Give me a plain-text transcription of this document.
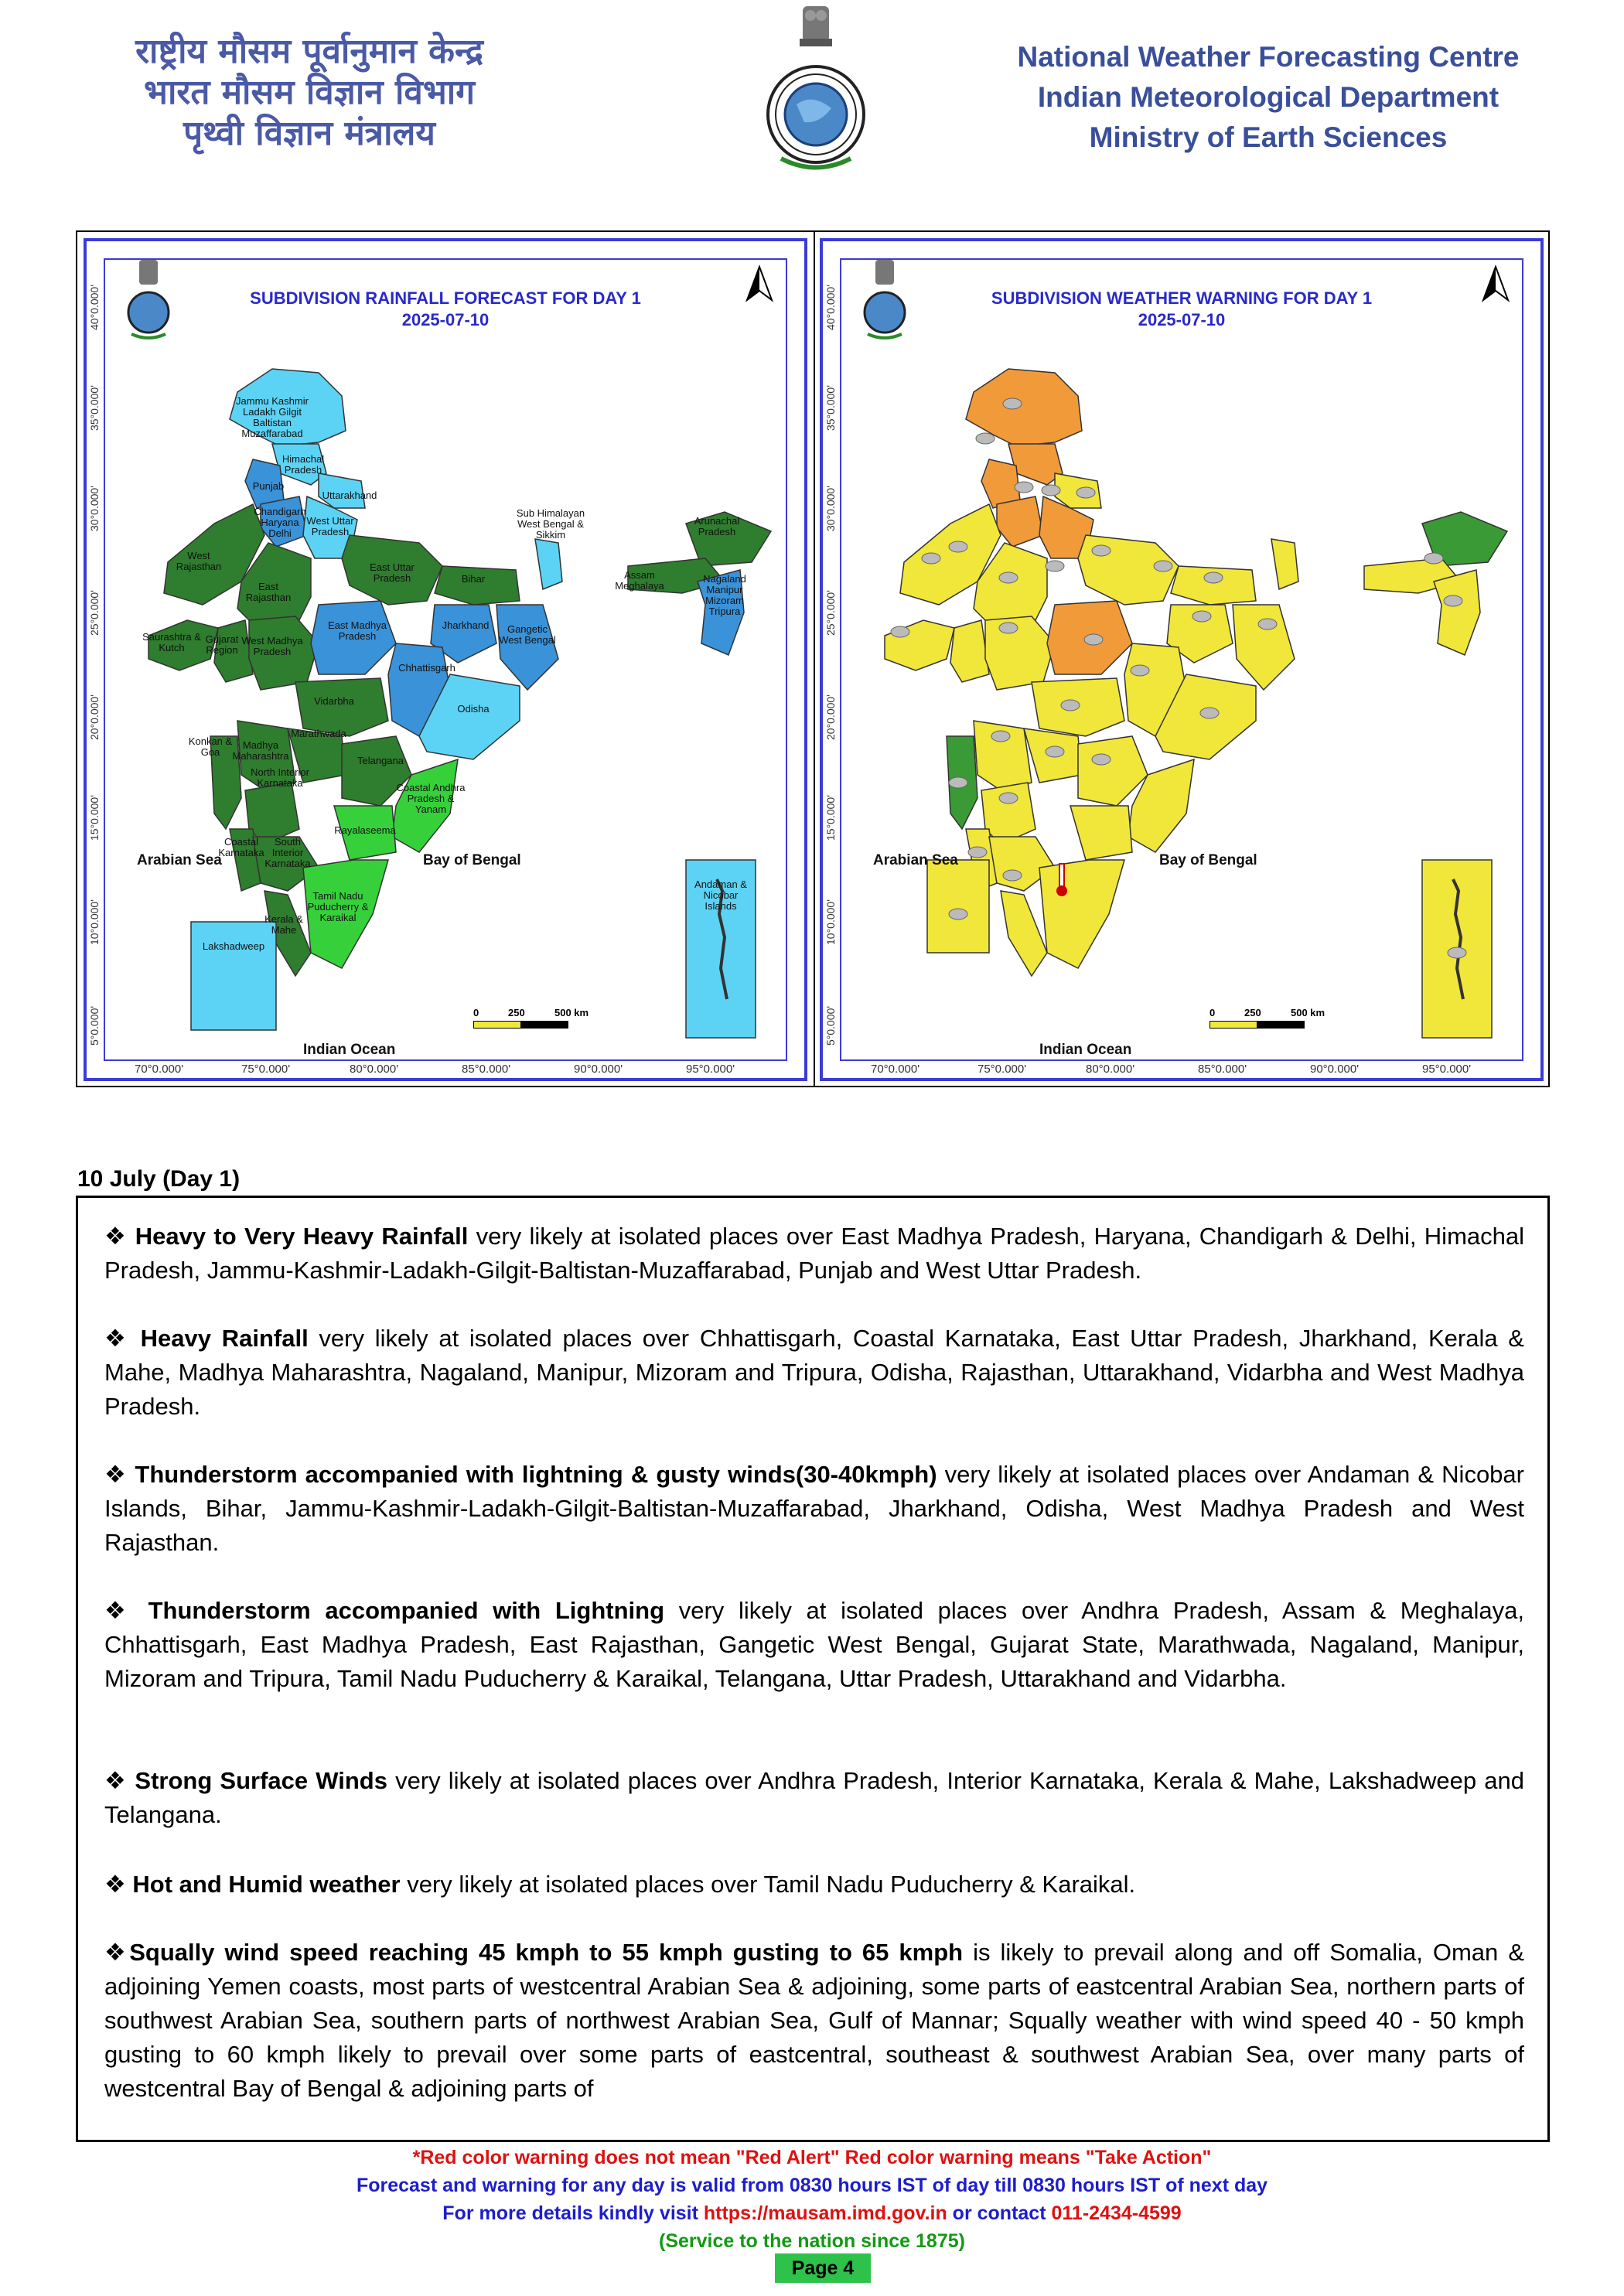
राष्ट्रीय मौसम पूर्वानुमान केन्द्र
भारत मौसम विज्ञान विभाग
पृथ्वी विज्ञान मंत्रालय
National Weather Forecasting Centre
Indian Meteorological Department
Ministry of Earth Sciences
SUBDIVISION RAINFALL FORECAST FOR DAY 1
2025-07-10
40°0.000'
35°0.000'
30°0.000'
25°0.000'
20°0.000'
15°0.000'
10°0.000'
5°0.000'
70°0.000'	75°0.000'	80°0.000'	85°0.000'	90°0.000'	95°0.000'
Jammu Kashmir Ladakh Gilgit Baltistan Muzaffarabad
Himachal Pradesh
Punjab
Uttarakhand
Chandigarh Haryana Delhi
West Uttar Pradesh
West Rajasthan
East Rajasthan
East Uttar Pradesh	Bihar
Sub Himalayan West Bengal & Sikkim
Arunachal Pradesh
Assam Meghalaya
Nagaland Manipur Mizoram Tripura
Saurashtra & Kutch
Gujarat Region
West Madhya Pradesh
East Madhya Pradesh
Jharkhand	Gangetic West Bengal
Chhattisgarh
Vidarbha
Odisha
Konkan & Goa
Madhya Maharashtra
Marathwada
North Interior Karnataka
Telangana
Coastal Andhra Pradesh & Yanam
Rayalaseema
Coastal Karnataka
South Interior Karnataka
Tamil Nadu Puducherry & Karaikal
Kerala & Mahe
Lakshadweep
Andaman & Nicobar Islands
Arabian Sea	Bay of Bengal
Indian Ocean
0	250	500 km
SUBDIVISION WEATHER WARNING FOR DAY 1
2025-07-10
40°0.000'
35°0.000'
30°0.000'
25°0.000'
20°0.000'
15°0.000'
10°0.000'
5°0.000'
70°0.000'	75°0.000'	80°0.000'	85°0.000'	90°0.000'	95°0.000'
Arabian Sea	Bay of Bengal
Indian Ocean
0	250	500 km
10 July (Day 1)
❖ Heavy to Very Heavy Rainfall very likely at isolated places over East Madhya Pradesh, Haryana, Chandigarh & Delhi, Himachal Pradesh, Jammu-Kashmir-Ladakh-Gilgit-Baltistan-Muzaffarabad, Punjab and West Uttar Pradesh.
❖ Heavy Rainfall very likely at isolated places over Chhattisgarh, Coastal Karnataka, East Uttar Pradesh, Jharkhand, Kerala & Mahe, Madhya Maharashtra, Nagaland, Manipur, Mizoram and Tripura, Odisha, Rajasthan, Uttarakhand, Vidarbha and West Madhya Pradesh.
❖ Thunderstorm accompanied with lightning & gusty winds(30-40kmph) very likely at isolated places over Andaman & Nicobar Islands, Bihar, Jammu-Kashmir-Ladakh-Gilgit-Baltistan-Muzaffarabad, Jharkhand, Odisha, West Madhya Pradesh and West Rajasthan.
❖ Thunderstorm accompanied with Lightning very likely at isolated places over Andhra Pradesh, Assam & Meghalaya, Chhattisgarh, East Madhya Pradesh, East Rajasthan, Gangetic West Bengal, Gujarat State, Marathwada, Nagaland, Manipur, Mizoram and Tripura, Tamil Nadu Puducherry & Karaikal, Telangana, Uttar Pradesh, Uttarakhand and Vidarbha.
❖ Strong Surface Winds very likely at isolated places over Andhra Pradesh, Interior Karnataka, Kerala & Mahe, Lakshadweep and Telangana.
❖ Hot and Humid weather very likely at isolated places over Tamil Nadu Puducherry & Karaikal.
❖Squally wind speed reaching 45 kmph to 55 kmph gusting to 65 kmph is likely to prevail along and off Somalia, Oman & adjoining Yemen coasts, most parts of westcentral Arabian Sea & adjoining, some parts of eastcentral Arabian Sea, northern parts of southwest Arabian Sea, southern parts of northwest Arabian Sea, Gulf of Mannar; Squally weather with wind speed 40 - 50 kmph gusting to 60 kmph likely to prevail over some parts of eastcentral, southeast & southwest Arabian Sea, over many parts of westcentral Bay of Bengal & adjoining parts of
*Red color warning does not mean "Red Alert" Red color warning means "Take Action"
Forecast and warning for any day is valid from 0830 hours IST of day till 0830 hours IST of next day
For more details kindly visit https://mausam.imd.gov.in or contact 011-2434-4599
(Service to the nation since 1875)
Page 4
